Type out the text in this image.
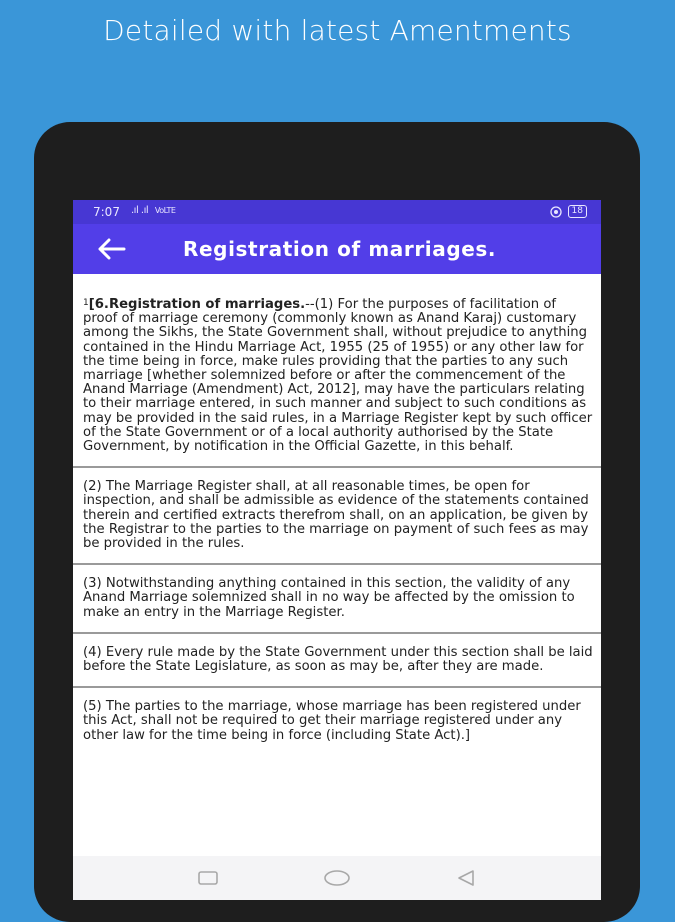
Detailed with latest Amentments
7:07 .ıl .ıl VoLTE	18
Registration of marriages.

$^1$[6.Registration of marriages.--(1) For the purposes of facilitation of proof of marriage ceremony (commonly known as Anand Karaj) customary among the Sikhs, the State Government shall, without prejudice to anything contained in the Hindu Marriage Act, 1955 (25 of 1955) or any other law for the time being in force, make rules providing that the parties to any such marriage [whether solemnized before or after the commencement of the Anand Marriage (Amendment) Act, 2012], may have the particulars relating to their marriage entered, in such manner and subject to such conditions as may be provided in the said rules, in a Marriage Register kept by such officer of the State Government or of a local authority authorised by the State Government, by notification in the Official Gazette, in this behalf.

(2) The Marriage Register shall, at all reasonable times, be open for inspection, and shall be admissible as evidence of the statements contained therein and certified extracts therefrom shall, on an application, be given by the Registrar to the parties to the marriage on payment of such fees as may be provided in the rules.

(3) Notwithstanding anything contained in this section, the validity of any Anand Marriage solemnized shall in no way be affected by the omission to make an entry in the Marriage Register.

(4) Every rule made by the State Government under this section shall be laid before the State Legislature, as soon as may be, after they are made.

(5) The parties to the marriage, whose marriage has been registered under this Act, shall not be required to get their marriage registered under any other law for the time being in force (including State Act).]
